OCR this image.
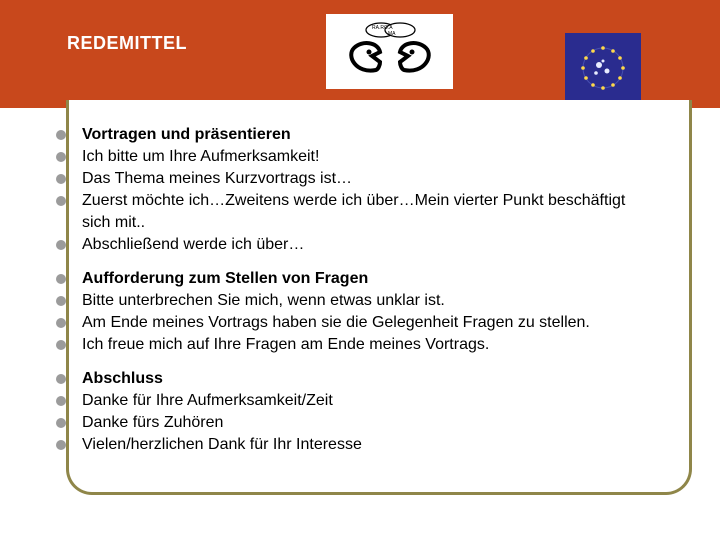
REDEMITTEL
RA.RO.A
MA
Vortragen und präsentieren
Ich bitte um Ihre Aufmerksamkeit!
Das Thema meines Kurzvortrags ist…
Zuerst möchte ich…Zweitens werde ich über…Mein vierter Punkt beschäftigt sich mit..
Abschließend werde ich über…
Aufforderung zum Stellen von Fragen
Bitte unterbrechen Sie mich, wenn etwas unklar ist.
Am Ende meines Vortrags haben sie die Gelegenheit Fragen zu stellen.
Ich freue mich auf Ihre Fragen am Ende meines Vortrags.
Abschluss
Danke für Ihre Aufmerksamkeit/Zeit
Danke fürs Zuhören
Vielen/herzlichen Dank für Ihr Interesse
